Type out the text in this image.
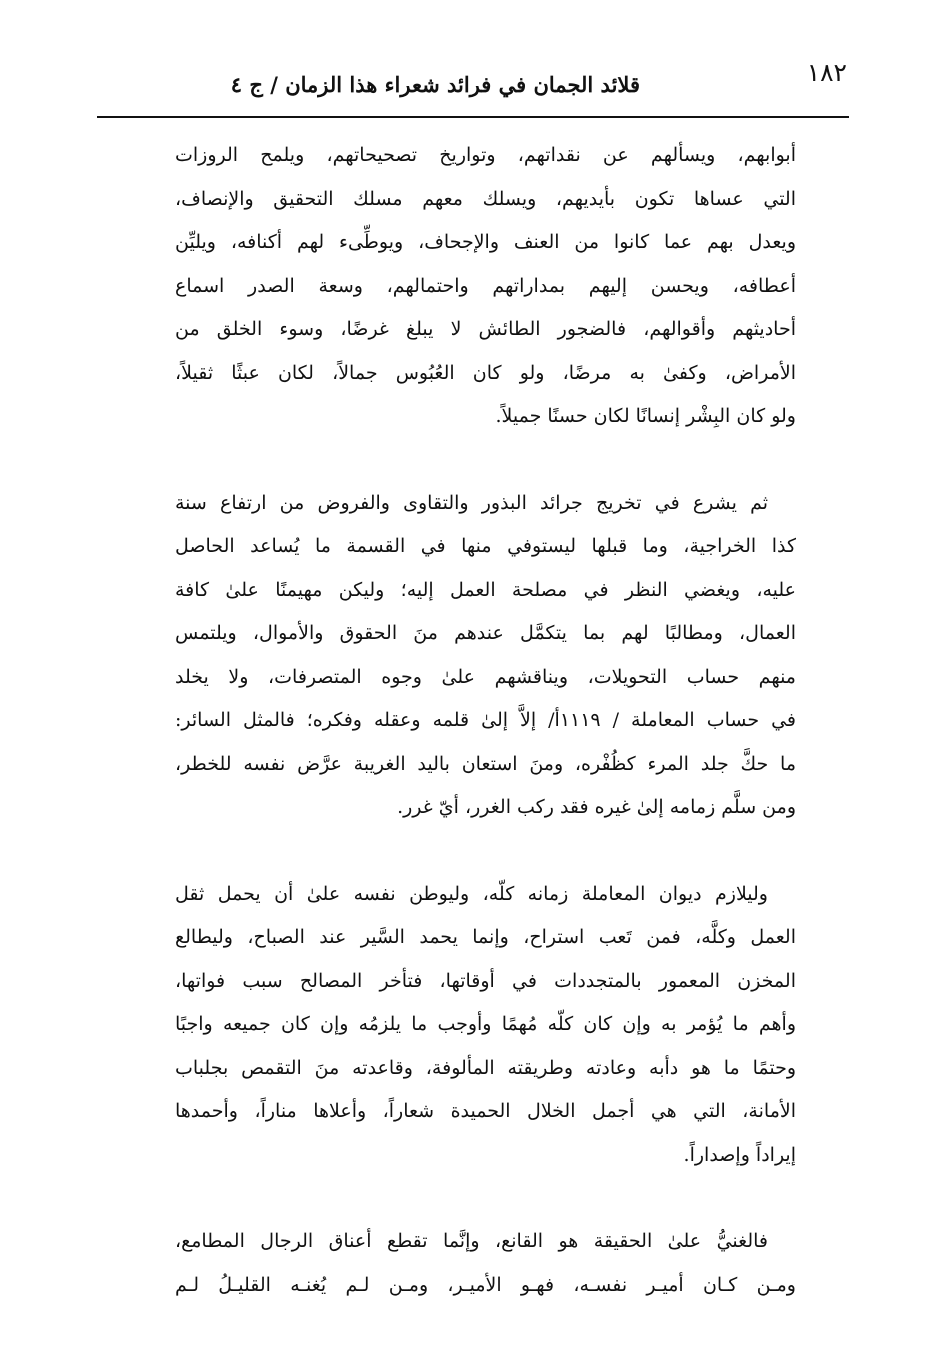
١٨٢
قلائد الجمان في فرائد شعراء هذا الزمان / ج ٤

أبوابهم، ويسألهم عن نقداتهم، وتواريخ تصحيحاتهم، ويلمح الروزات
التي عساها تكون بأيديهم، ويسلك معهم مسلك التحقيق والإنصاف،
ويعدل بهم عما كانوا من العنف والإجحاف، ويوطِّىء لهم أكنافه، ويليِّن
أعطافه، ويحسن إليهم بمداراتهم واحتمالهم، وسعة الصدر اسماع
أحاديثهم وأقوالهم، فالضجور الطائش لا يبلغ غرضًا، وسوء الخلق من
الأمراض، وكفىٰ به مرضًا، ولو كان العُبُوس جمالاً، لكان عبثًا ثقيلاً،
ولو كان البِشْر إنسانًا لكان حسنًا جميلاً.

ثم يشرع في تخريج جرائد البذور والتقاوى والفروض من ارتفاع سنة
كذا الخراجية، وما قبلها ليستوفي منها في القسمة ما يُساعد الحاصل
عليه، ويغضي النظر في مصلحة العمل إليه؛ وليكن مهيمنًا علىٰ كافة
العمال، ومطالبًا لهم بما يتكمَّل عندهم منَ الحقوق والأموال، ويلتمس
منهم حساب التحويلات، ويناقشهم علىٰ وجوه المتصرفات، ولا يخلد
في حساب المعاملة / ١١١٩أ/ إلاَّ إلىٰ قلمه وعقله وفكره؛ فالمثل السائر:
ما حكَّ جلد المرء كظُفْره، ومنَ استعان باليد الغريبة عرَّض نفسه للخطر،
ومن سلَّم زمامه إلىٰ غيره فقد ركب الغرر، أيّ غرر.

وليلازم ديوان المعاملة زمانه كلّه، وليوطن نفسه علىٰ أن يحمل ثقل
العمل وكلَّه، فمن تَعب استراح، وإنما يحمد السَّير عند الصباح، وليطالع
المخزن المعمور بالمتجددات في أوقاتها، فتأخر المصالح سبب فواتها،
وأهم ما يُؤمر به وإن كان كلّه مُهمًا وأوجب ما يلزمُه وإن كان جميعه واجبًا
وحتمًا ما هو دأبه وعادته وطريقته المألوفة، وقاعدته منَ التقمص بجلباب
الأمانة، التي هي أجمل الخلال الحميدة شعاراً، وأعلاها مناراً، وأحمدها
إيراداً وإصداراً.

فالغنيُّ علىٰ الحقيقة هو القانع، وإنَّما تقطع أعناق الرجال المطامع،
ومـن كـان أميـر نفسـه، فهـو الأميـر، ومـن لـم يُغنـه القليـلُ لـم
